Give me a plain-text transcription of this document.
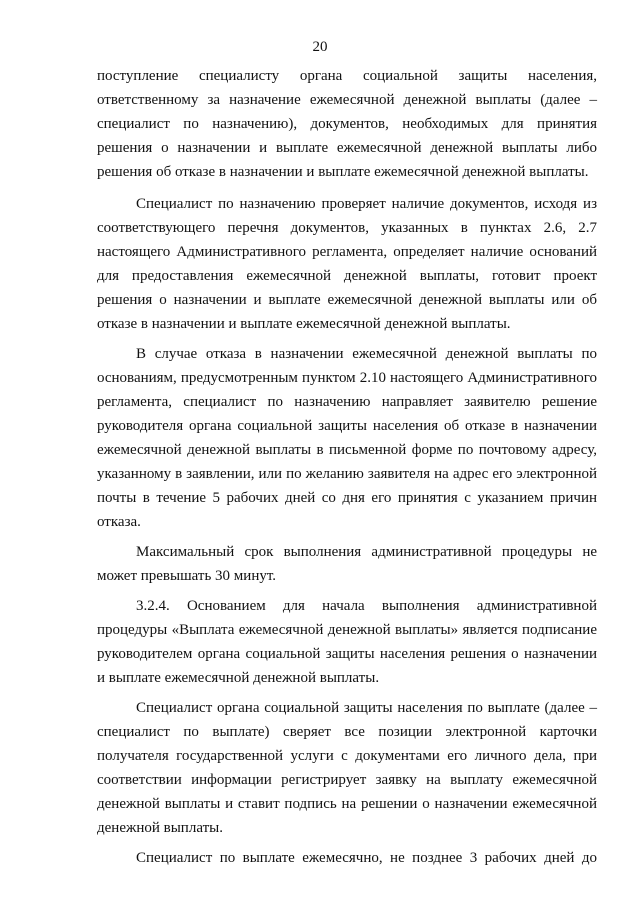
20

поступление специалисту органа социальной защиты населения, ответственному за назначение ежемесячной денежной выплаты (далее – специалист по назначению), документов, необходимых для принятия решения о назначении и выплате ежемесячной денежной выплаты либо решения об отказе в назначении и выплате ежемесячной денежной выплаты.

Специалист по назначению проверяет наличие документов, исходя из соответствующего перечня документов, указанных в пунктах 2.6, 2.7 настоящего Административного регламента, определяет наличие оснований для предоставления ежемесячной денежной выплаты, готовит проект решения о назначении и выплате ежемесячной денежной выплаты или об отказе в назначении и выплате ежемесячной денежной выплаты.

В случае отказа в назначении ежемесячной денежной выплаты по основаниям, предусмотренным пунктом 2.10 настоящего Административного регламента, специалист по назначению направляет заявителю решение руководителя органа социальной защиты населения об отказе в назначении ежемесячной денежной выплаты в письменной форме по почтовому адресу, указанному в заявлении, или по желанию заявителя на адрес его электронной почты в течение 5 рабочих дней со дня его принятия с указанием причин отказа.

Максимальный срок выполнения административной процедуры не может превышать 30 минут.

3.2.4. Основанием для начала выполнения административной процедуры «Выплата ежемесячной денежной выплаты» является подписание руководителем органа социальной защиты населения решения о назначении и выплате ежемесячной денежной выплаты.

Специалист органа социальной защиты населения по выплате (далее – специалист по выплате) сверяет все позиции электронной карточки получателя государственной услуги с документами его личного дела, при соответствии информации регистрирует заявку на выплату ежемесячной денежной выплаты и ставит подпись на решении о назначении ежемесячной денежной выплаты.

Специалист по выплате ежемесячно, не позднее 3 рабочих дней до
